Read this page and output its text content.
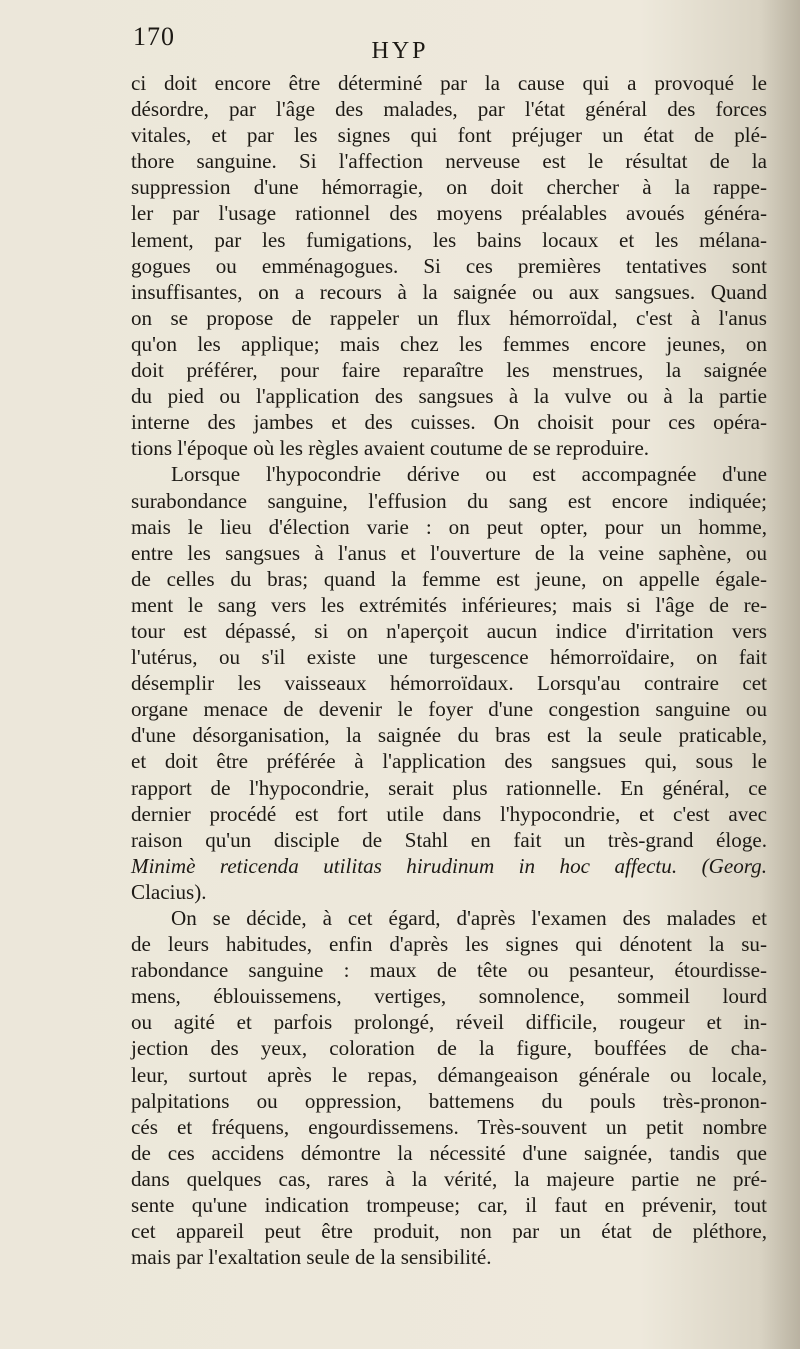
170	HYP

ci doit encore être déterminé par la cause qui a provoqué le
désordre, par l'âge des malades, par l'état général des forces
vitales, et par les signes qui font préjuger un état de plé-
thore sanguine. Si l'affection nerveuse est le résultat de la
suppression d'une hémorragie, on doit chercher à la rappe-
ler par l'usage rationnel des moyens préalables avoués généra-
lement, par les fumigations, les bains locaux et les mélana-
gogues ou emménagogues. Si ces premières tentatives sont
insuffisantes, on a recours à la saignée ou aux sangsues. Quand
on se propose de rappeler un flux hémorroïdal, c'est à l'anus
qu'on les applique; mais chez les femmes encore jeunes, on
doit préférer, pour faire reparaître les menstrues, la saignée
du pied ou l'application des sangsues à la vulve ou à la partie
interne des jambes et des cuisses. On choisit pour ces opéra-
tions l'époque où les règles avaient coutume de se reproduire.

Lorsque l'hypocondrie dérive ou est accompagnée d'une
surabondance sanguine, l'effusion du sang est encore indiquée;
mais le lieu d'élection varie : on peut opter, pour un homme,
entre les sangsues à l'anus et l'ouverture de la veine saphène, ou
de celles du bras; quand la femme est jeune, on appelle égale-
ment le sang vers les extrémités inférieures; mais si l'âge de re-
tour est dépassé, si on n'aperçoit aucun indice d'irritation vers
l'utérus, ou s'il existe une turgescence hémorroïdaire, on fait
désemplir les vaisseaux hémorroïdaux. Lorsqu'au contraire cet
organe menace de devenir le foyer d'une congestion sanguine ou
d'une désorganisation, la saignée du bras est la seule praticable,
et doit être préférée à l'application des sangsues qui, sous le
rapport de l'hypocondrie, serait plus rationnelle. En général, ce
dernier procédé est fort utile dans l'hypocondrie, et c'est avec
raison qu'un disciple de Stahl en fait un très-grand éloge.
Minimè reticenda utilitas hirudinum in hoc affectu. (Georg.
Clacius).

On se décide, à cet égard, d'après l'examen des malades et
de leurs habitudes, enfin d'après les signes qui dénotent la su-
rabondance sanguine : maux de tête ou pesanteur, étourdisse-
mens, éblouissemens, vertiges, somnolence, sommeil lourd
ou agité et parfois prolongé, réveil difficile, rougeur et in-
jection des yeux, coloration de la figure, bouffées de cha-
leur, surtout après le repas, démangeaison générale ou locale,
palpitations ou oppression, battemens du pouls très-pronon-
cés et fréquens, engourdissemens. Très-souvent un petit nombre
de ces accidens démontre la nécessité d'une saignée, tandis que
dans quelques cas, rares à la vérité, la majeure partie ne pré-
sente qu'une indication trompeuse; car, il faut en prévenir, tout
cet appareil peut être produit, non par un état de pléthore,
mais par l'exaltation seule de la sensibilité.
